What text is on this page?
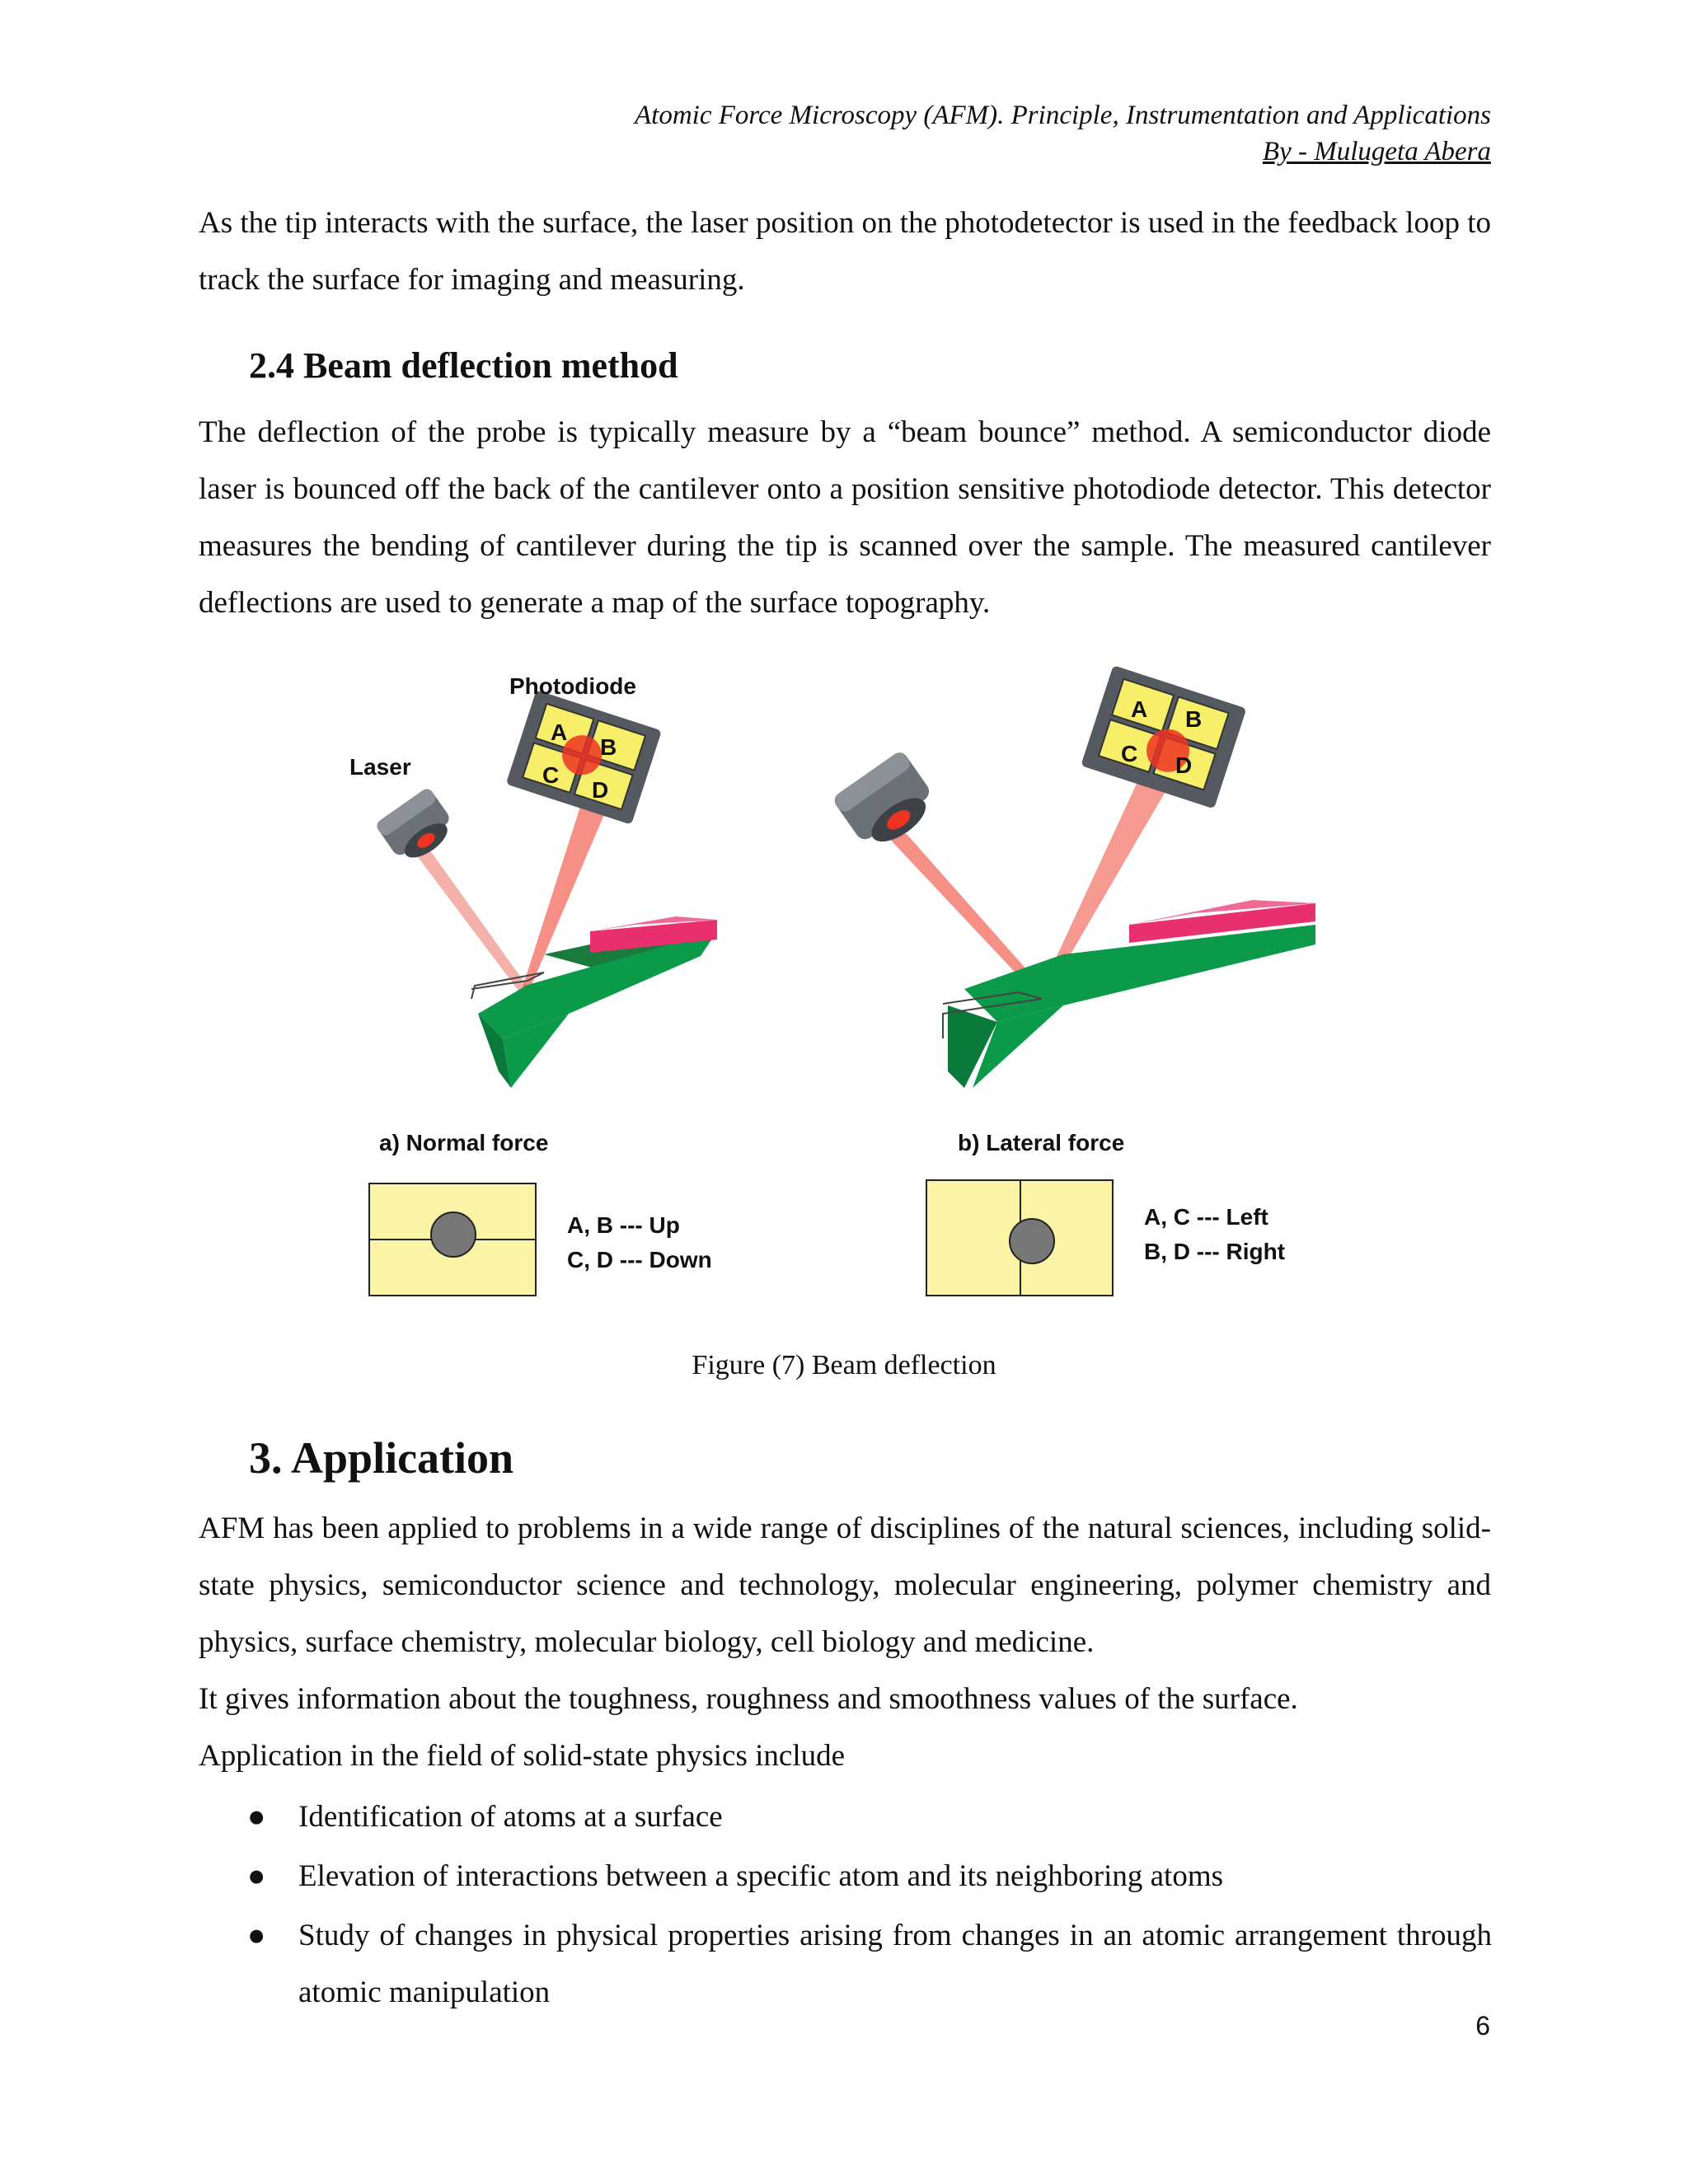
Atomic Force Microscopy (AFM). Principle, Instrumentation and Applications
By - Mulugeta Abera

As the tip interacts with the surface, the laser position on the photodetector is used in the feedback loop to track the surface for imaging and measuring.

2.4 Beam deflection method

The deflection of the probe is typically measure by a “beam bounce” method. A semiconductor diode laser is bounced off the back of the cantilever onto a position sensitive photodiode detector. This detector measures the bending of cantilever during the tip is scanned over the sample. The measured cantilever deflections are used to generate a map of the surface topography.

A
B
C
D
Photodiode
Laser
A B
C D
a) Normal force	b) Lateral force
A, B --- Up
C, D --- Down
A, C --- Left
B, D --- Right
Figure (7) Beam deflection
3. Application

AFM has been applied to problems in a wide range of disciplines of the natural sciences, including solid-state physics, semiconductor science and technology, molecular engineering, polymer chemistry and physics, surface chemistry, molecular biology, cell biology and medicine.

It gives information about the toughness, roughness and smoothness values of the surface.

Application in the field of solid-state physics include

● Identification of atoms at a surface
● Elevation of interactions between a specific atom and its neighboring atoms
● Study of changes in physical properties arising from changes in an atomic arrangement through atomic manipulation
6
